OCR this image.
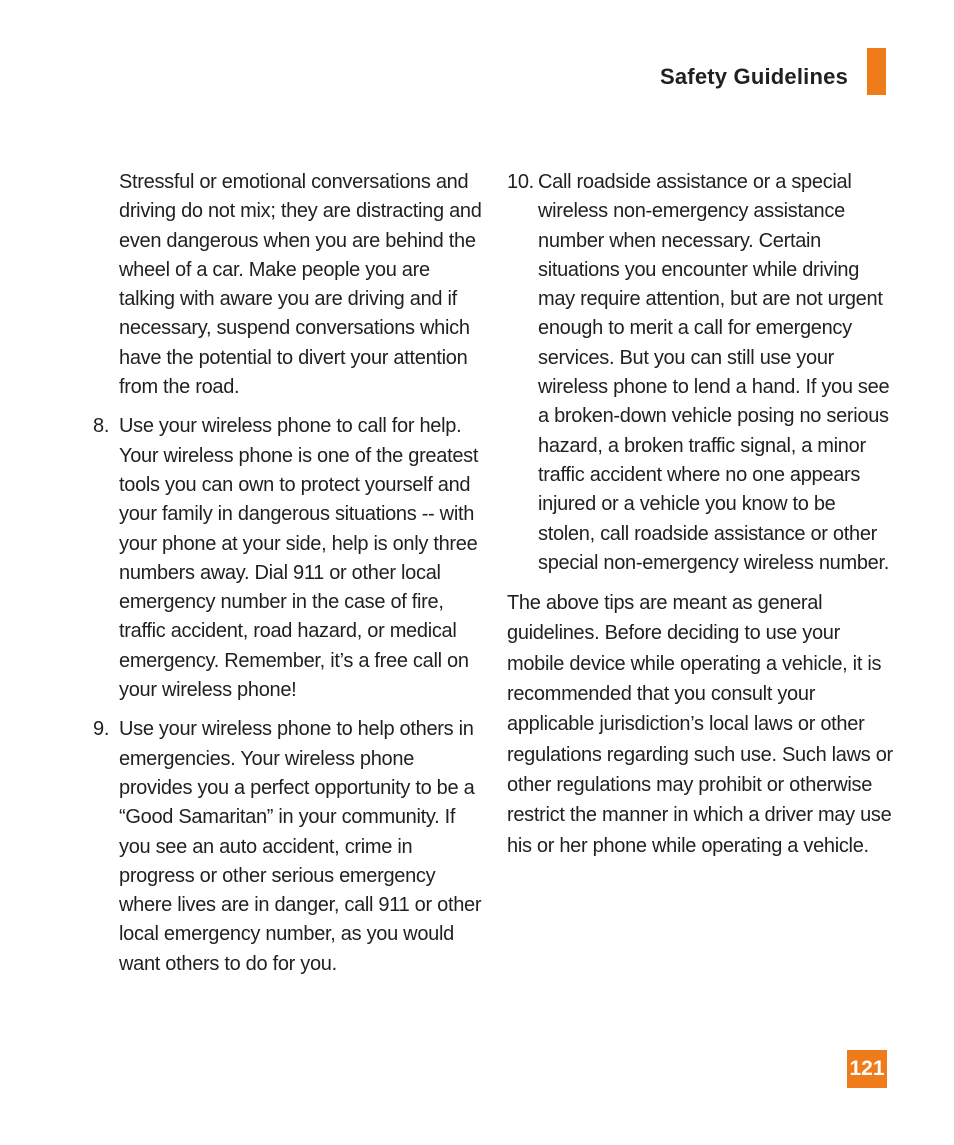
Safety Guidelines

Stressful or emotional conversations and driving do not mix; they are distracting and even dangerous when you are behind the wheel of a car. Make people you are talking with aware you are driving and if necessary, suspend conversations which have the potential to divert your attention from the road.

8. Use your wireless phone to call for help. Your wireless phone is one of the greatest tools you can own to protect yourself and your family in dangerous situations -- with your phone at your side, help is only three numbers away. Dial 911 or other local emergency number in the case of fire, traffic accident, road hazard, or medical emergency. Remember, it’s a free call on your wireless phone!
9. Use your wireless phone to help others in emergencies. Your wireless phone provides you a perfect opportunity to be a “Good Samaritan” in your community. If you see an auto accident, crime in progress or other serious emergency where lives are in danger, call 911 or other local emergency number, as you would want others to do for you.
10. Call roadside assistance or a special wireless non-emergency assistance number when necessary. Certain situations you encounter while driving may require attention, but are not urgent enough to merit a call for emergency services. But you can still use your wireless phone to lend a hand. If you see a broken-down vehicle posing no serious hazard, a broken traffic signal, a minor traffic accident where no one appears injured or a vehicle you know to be stolen, call roadside assistance or other special non-emergency wireless number.

The above tips are meant as general guidelines. Before deciding to use your mobile device while operating a vehicle, it is recommended that you consult your applicable jurisdiction’s local laws or other regulations regarding such use. Such laws or other regulations may prohibit or otherwise restrict the manner in which a driver may use his or her phone while operating a vehicle.

121
